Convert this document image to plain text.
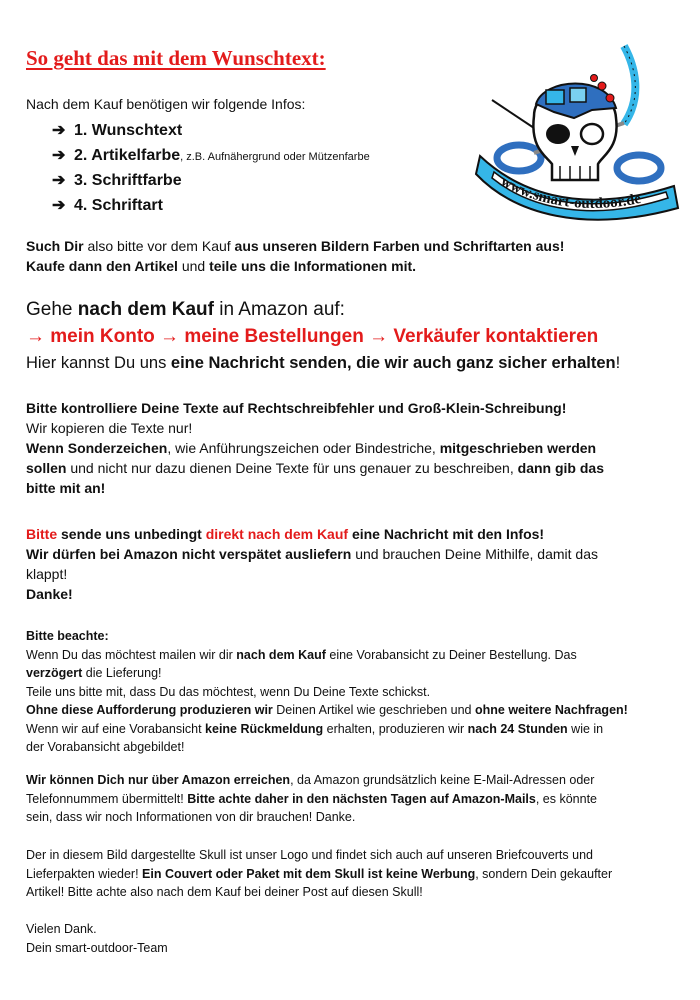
So geht das mit dem Wunschtext:
www.smart-outdoor.de
Nach dem Kauf benötigen wir folgende Infos:
➔ 1. Wunschtext
➔ 2. Artikelfarbe, z.B. Aufnähergrund oder Mützenfarbe
➔ 3. Schriftfarbe
➔ 4. Schriftart
Such Dir also bitte vor dem Kauf aus unseren Bildern Farben und Schriftarten aus!
Kaufe dann den Artikel und teile uns die Informationen mit.
Gehe nach dem Kauf in Amazon auf:
→ mein Konto → meine Bestellungen → Verkäufer kontaktieren
Hier kannst Du uns eine Nachricht senden, die wir auch ganz sicher erhalten!
Bitte kontrolliere Deine Texte auf Rechtschreibfehler und Groß-Klein-Schreibung!
Wir kopieren die Texte nur!
Wenn Sonderzeichen, wie Anführungszeichen oder Bindestriche, mitgeschrieben werden
sollen und nicht nur dazu dienen Deine Texte für uns genauer zu beschreiben, dann gib das
bitte mit an!
Bitte sende uns unbedingt direkt nach dem Kauf eine Nachricht mit den Infos!
Wir dürfen bei Amazon nicht verspätet ausliefern und brauchen Deine Mithilfe, damit das
klappt!
Danke!
Bitte beachte:
Wenn Du das möchtest mailen wir dir nach dem Kauf eine Vorabansicht zu Deiner Bestellung. Das
verzögert die Lieferung!
Teile uns bitte mit, dass Du das möchtest, wenn Du Deine Texte schickst.
Ohne diese Aufforderung produzieren wir Deinen Artikel wie geschrieben und ohne weitere Nachfragen!
Wenn wir auf eine Vorabansicht keine Rückmeldung erhalten, produzieren wir nach 24 Stunden wie in
der Vorabansicht abgebildet!
Wir können Dich nur über Amazon erreichen, da Amazon grundsätzlich keine E-Mail-Adressen oder
Telefonnummem übermittelt! Bitte achte daher in den nächsten Tagen auf Amazon-Mails, es könnte
sein, dass wir noch Informationen von dir brauchen! Danke.
Der in diesem Bild dargestellte Skull ist unser Logo und findet sich auch auf unseren Briefcouverts und
Lieferpakten wieder! Ein Couvert oder Paket mit dem Skull ist keine Werbung, sondern Dein gekaufter
Artikel! Bitte achte also nach dem Kauf bei deiner Post auf diesen Skull!
Vielen Dank.
Dein smart-outdoor-Team
